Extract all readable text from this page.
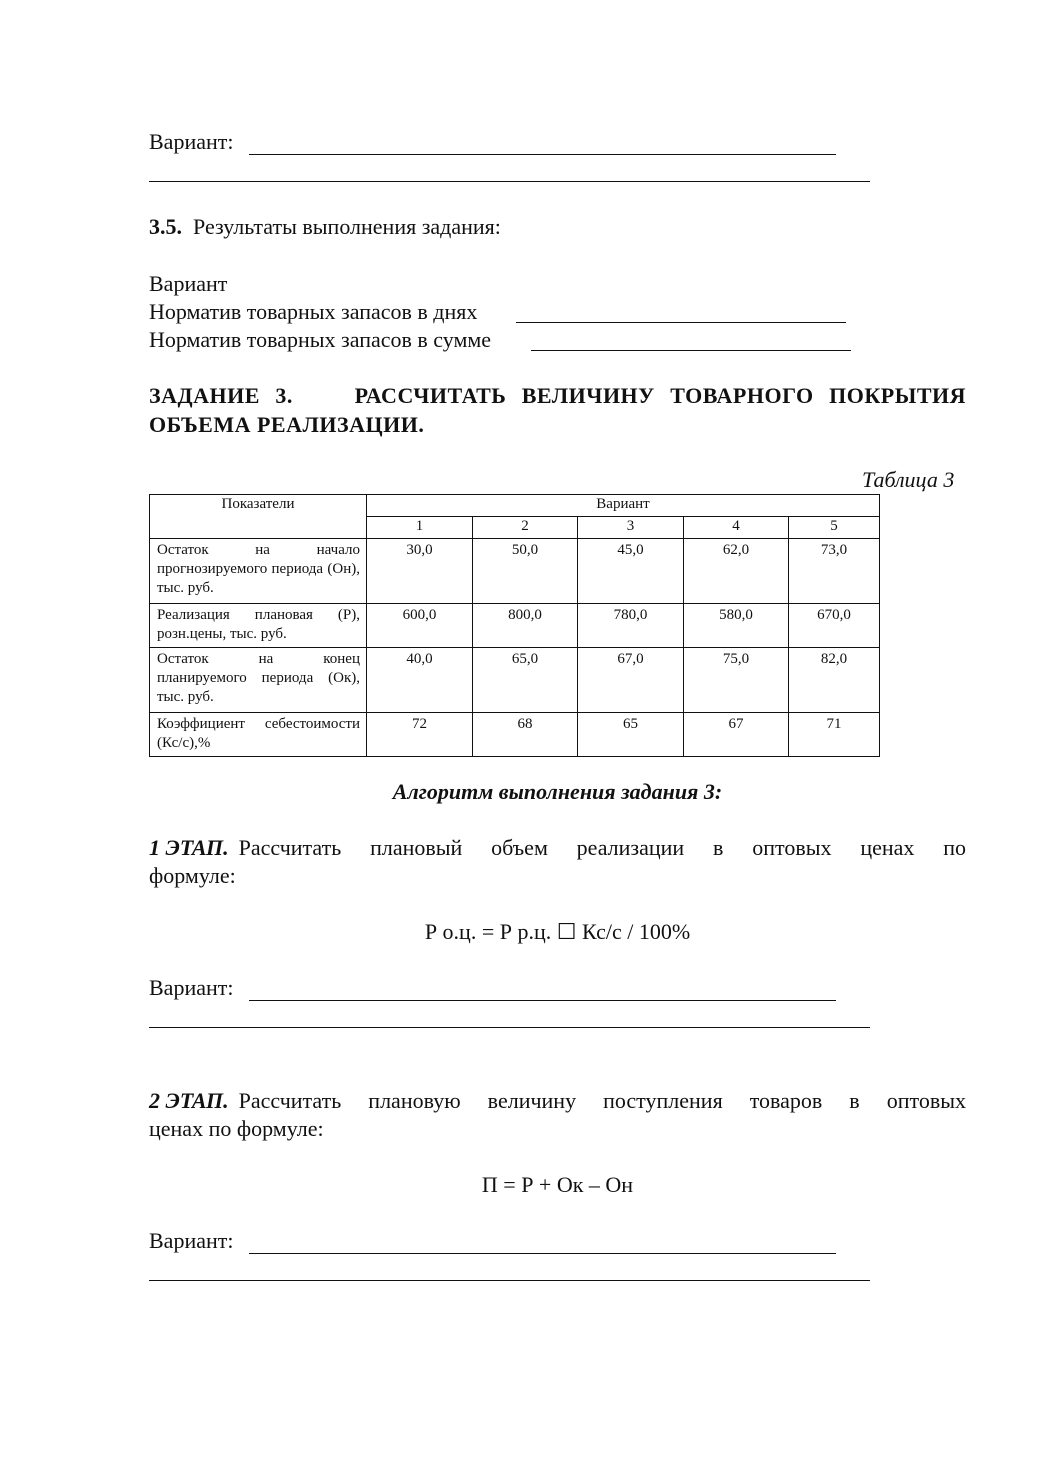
Вариант:
3.5. Результаты выполнения задания:
Вариант
Норматив товарных запасов в днях
Норматив товарных запасов в сумме
ЗАДАНИЕ 3.    РАССЧИТАТЬ ВЕЛИЧИНУ ТОВАРНОГО ПОКРЫТИЯ
ОБЪЕМА РЕАЛИЗАЦИИ.
Таблица 3
Показатели	Вариант				
	1	2	3	4	5
Остаток на начало прогнозируемого периода (Он), тыс. руб.	30,0	50,0	45,0	62,0	73,0
Реализация плановая (Р), розн.цены, тыс. руб.	600,0	800,0	780,0	580,0	670,0
Остаток на конец планируемого периода (Ок), тыс. руб.	40,0	65,0	67,0	75,0	82,0
Коэффициент себестоимости (Кс/с),%	72	68	65	67	71
Алгоритм выполнения задания 3:
1 ЭТАП. Рассчитать плановый объем реализации в оптовых ценах по
формуле:
Р о.ц. = Р р.ц. ☐ Кс/с / 100%
Вариант:
2 ЭТАП. Рассчитать плановую величину поступления товаров в оптовых
ценах по формуле:
П = Р + Ок – Он
Вариант:
